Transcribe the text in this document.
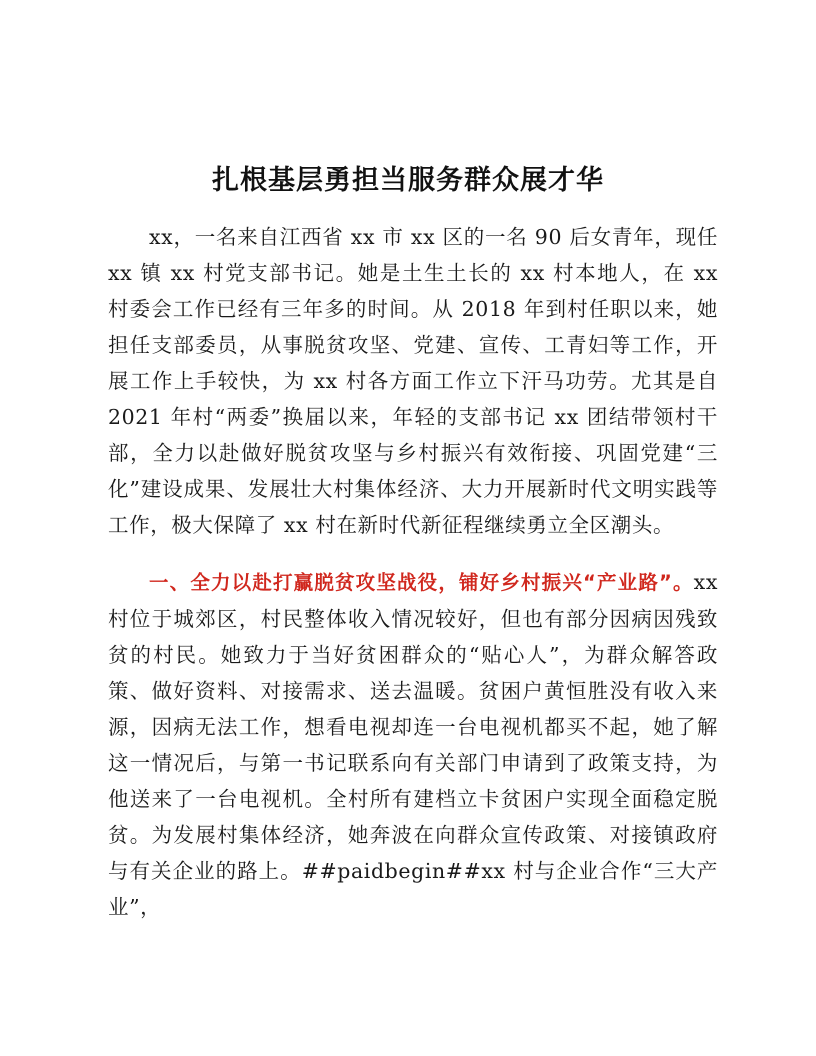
扎根基层勇担当服务群众展才华

xx，一名来自江西省 xx 市 xx 区的一名 90 后女青年，现任 xx 镇 xx 村党支部书记。她是土生土长的 xx 村本地人，在 xx 村委会工作已经有三年多的时间。从 2018 年到村任职以来，她担任支部委员，从事脱贫攻坚、党建、宣传、工青妇等工作，开展工作上手较快，为 xx 村各方面工作立下汗马功劳。尤其是自 2021 年村“两委”换届以来，年轻的支部书记 xx 团结带领村干部，全力以赴做好脱贫攻坚与乡村振兴有效衔接、巩固党建“三化”建设成果、发展壮大村集体经济、大力开展新时代文明实践等工作，极大保障了 xx 村在新时代新征程继续勇立全区潮头。

一、全力以赴打赢脱贫攻坚战役，铺好乡村振兴“产业路”。xx 村位于城郊区，村民整体收入情况较好，但也有部分因病因残致贫的村民。她致力于当好贫困群众的“贴心人”，为群众解答政策、做好资料、对接需求、送去温暖。贫困户黄恒胜没有收入来源，因病无法工作，想看电视却连一台电视机都买不起，她了解这一情况后，与第一书记联系向有关部门申请到了政策支持，为他送来了一台电视机。全村所有建档立卡贫困户实现全面稳定脱贫。为发展村集体经济，她奔波在向群众宣传政策、对接镇政府与有关企业的路上。##paidbegin##xx 村与企业合作“三大产业”，
